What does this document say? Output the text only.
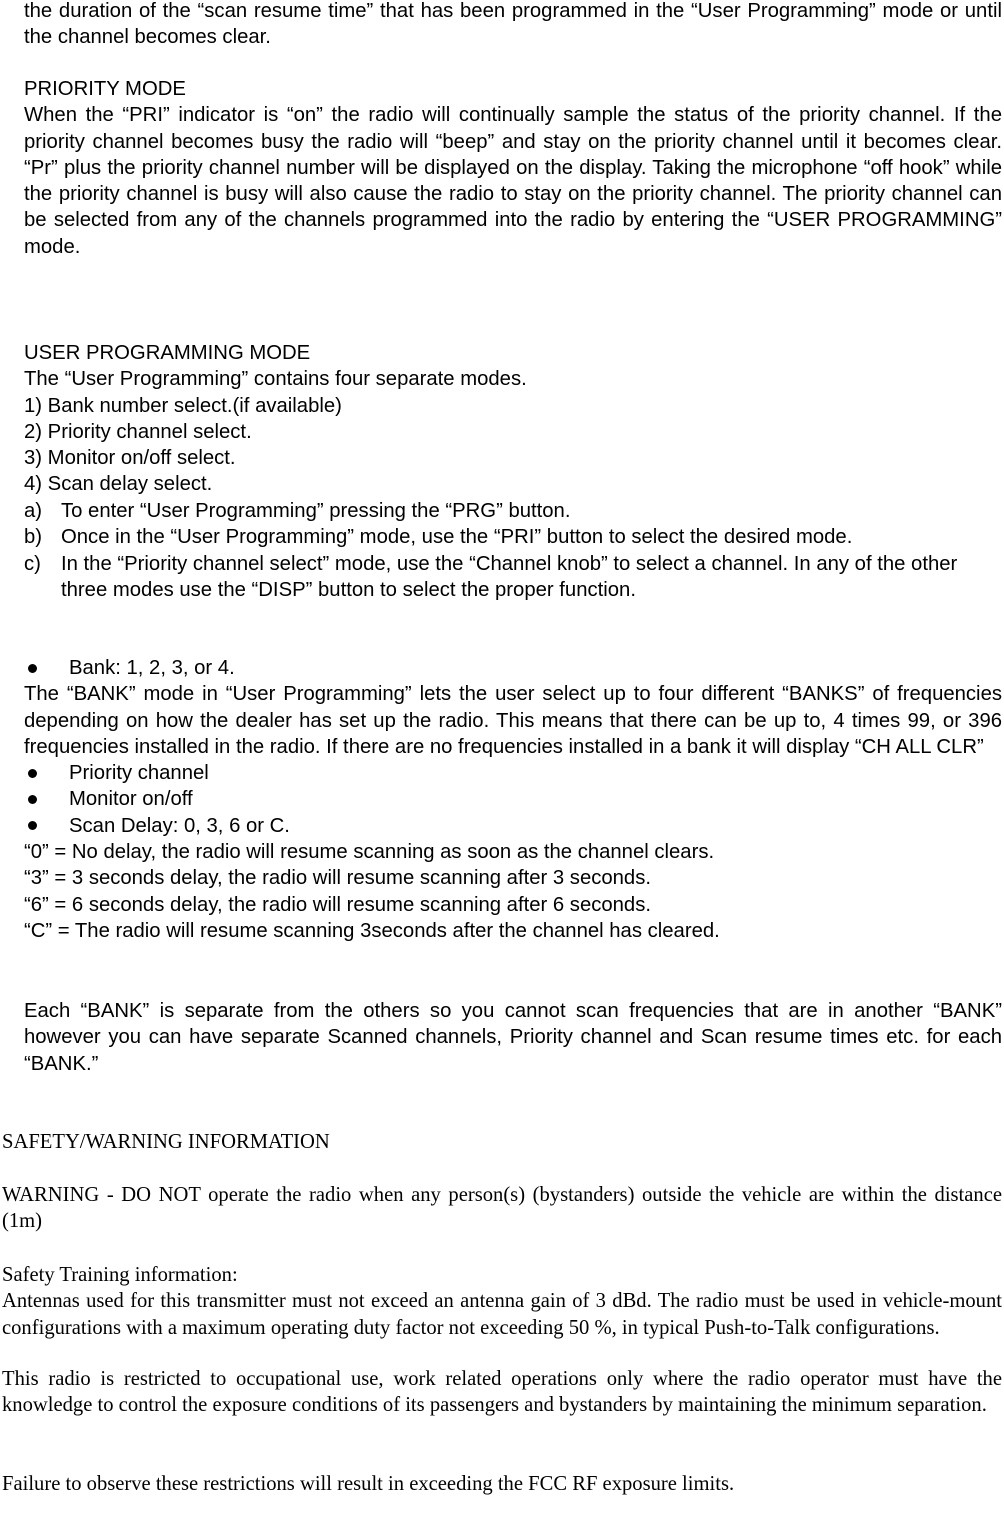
the duration of the “scan resume time” that has been programmed in the “User Programming” mode or until the channel becomes clear.

PRIORITY MODE

When the “PRI” indicator is “on” the radio will continually sample the status of the priority channel. If the priority channel becomes busy the radio will “beep” and stay on the priority channel until it becomes clear. “Pr” plus the priority channel number will be displayed on the display. Taking the microphone “off hook” while the priority channel is busy will also cause the radio to stay on the priority channel. The priority channel can be selected from any of the channels programmed into the radio by entering the “USER PROGRAMMING” mode.

USER PROGRAMMING MODE

The “User Programming” contains four separate modes.

1) Bank number select.(if available)

2) Priority channel select.

3) Monitor on/off select.

4) Scan delay select.

a) To enter “User Programming” pressing the “PRG” button.
b) Once in the “User Programming” mode, use the “PRI” button to select the desired mode.
c) In the “Priority channel select” mode, use the “Channel knob” to select a channel. In any of the other three modes use the “DISP” button to select the proper function.
Bank: 1, 2, 3, or 4.

The “BANK” mode in “User Programming” lets the user select up to four different “BANKS” of frequencies depending on how the dealer has set up the radio. This means that there can be up to, 4 times 99, or 396 frequencies installed in the radio. If there are no frequencies installed in a bank it will display “CH ALL CLR”

Priority channel
Monitor on/off
Scan Delay: 0, 3, 6 or C.

“0” = No delay, the radio will resume scanning as soon as the channel clears.

“3” = 3 seconds delay, the radio will resume scanning after 3 seconds.

“6” = 6 seconds delay, the radio will resume scanning after 6 seconds.

“C” = The radio will resume scanning 3seconds after the channel has cleared.

Each “BANK” is separate from the others so you cannot scan frequencies that are in another “BANK” however you can have separate Scanned channels, Priority channel and Scan resume times etc. for each “BANK.”

SAFETY/WARNING INFORMATION

WARNING - DO NOT operate the radio when any person(s) (bystanders) outside the vehicle are within the distance (1m)

Safety Training information:

Antennas used for this transmitter must not exceed an antenna gain of 3 dBd. The radio must be used in vehicle-mount configurations with a maximum operating duty factor not exceeding 50 %, in typical Push-to-Talk configurations.

This radio is restricted to occupational use, work related operations only where the radio operator must have the knowledge to control the exposure conditions of its passengers and bystanders by maintaining the minimum separation.

Failure to observe these restrictions will result in exceeding the FCC RF exposure limits.
